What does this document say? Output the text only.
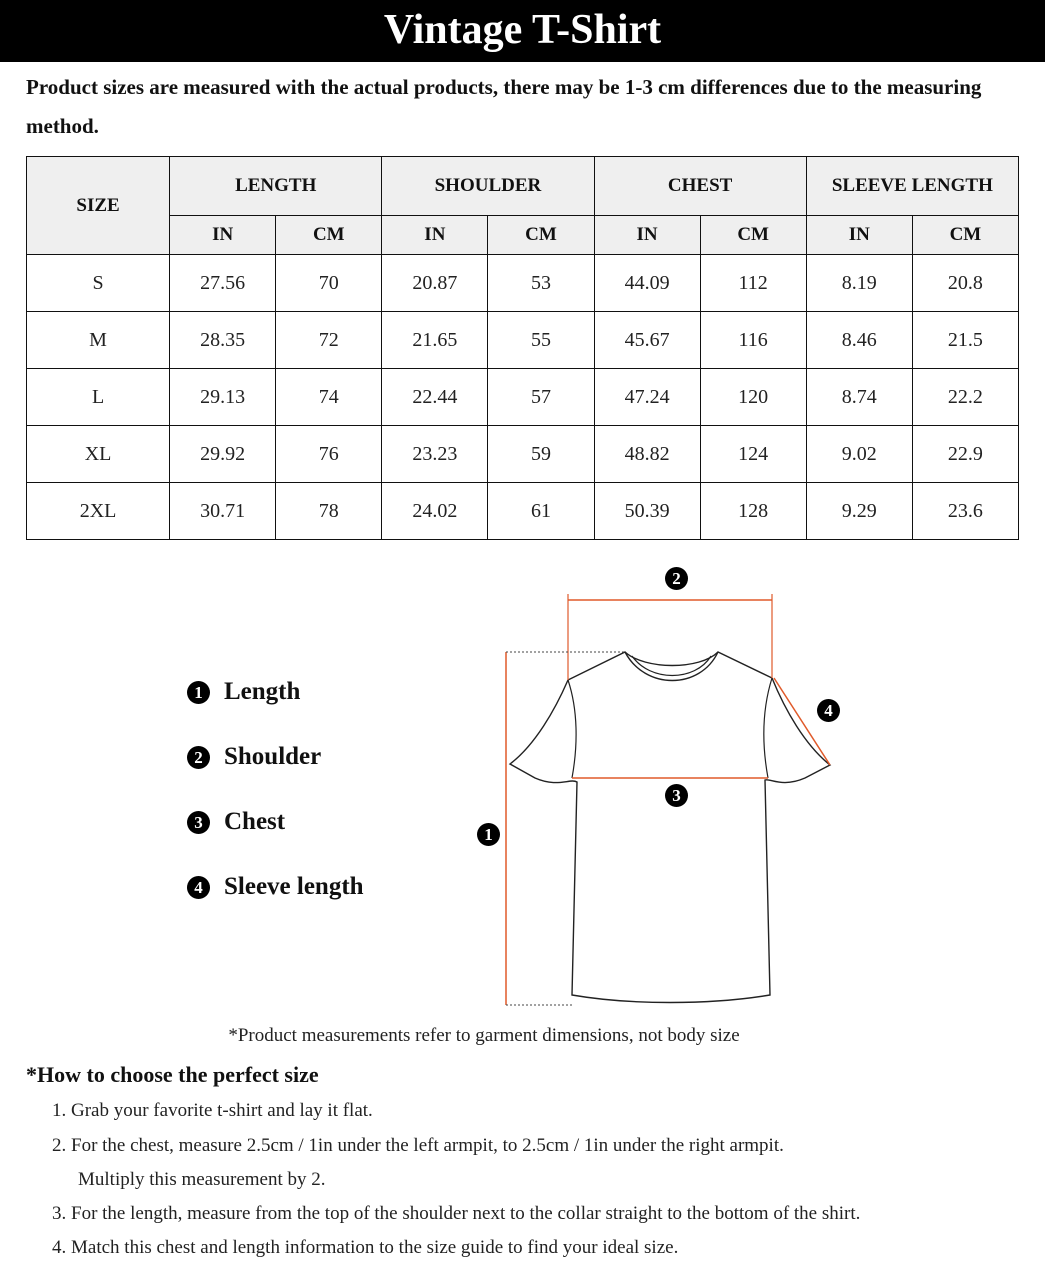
Vintage T-Shirt
Product sizes are measured with the actual products, there may be 1-3 cm differences due to the measuring method.
SIZE	LENGTH		SHOULDER		CHEST		SLEEVE LENGTH	
	IN	CM	IN	CM	IN	CM	IN	CM
S	27.56	70	20.87	53	44.09	112	8.19	20.8
M	28.35	72	21.65	55	45.67	116	8.46	21.5
L	29.13	74	22.44	57	47.24	120	8.74	22.2
XL	29.92	76	23.23	59	48.82	124	9.02	22.9
2XL	30.71	78	24.02	61	50.39	128	9.29	23.6
1 Length
2 Shoulder
3 Chest
4 Sleeve length
2
3
1
4
*Product measurements refer to garment dimensions, not body size
*How to choose the perfect size
1. Grab your favorite t-shirt and lay it flat.
2. For the chest, measure 2.5cm / 1in under the left armpit, to 2.5cm / 1in under the right armpit.
Multiply this measurement by 2.
3. For the length, measure from the top of the shoulder next to the collar straight to the bottom of the shirt.
4. Match this chest and length information to the size guide to find your ideal size.
